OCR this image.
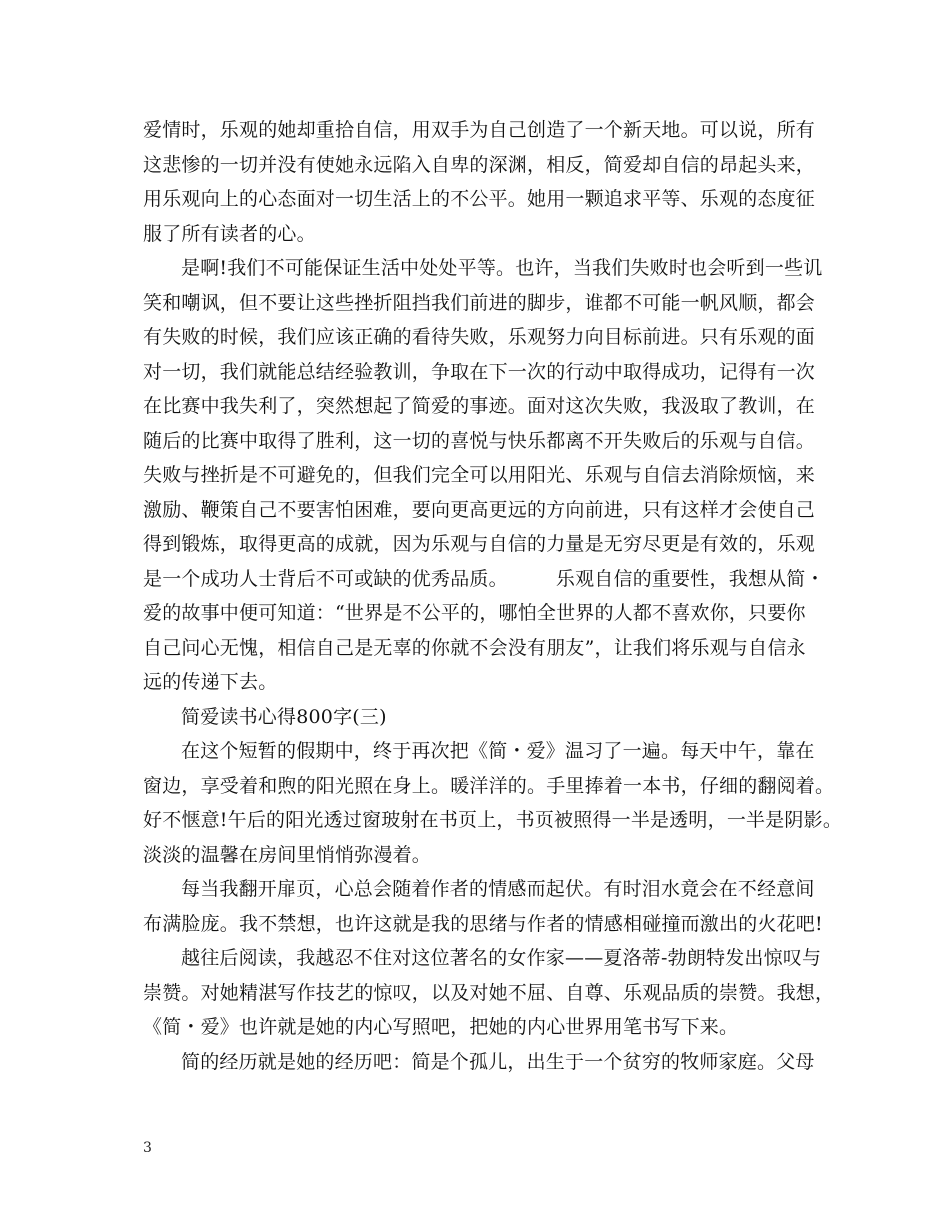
爱情时，乐观的她却重拾自信，用双手为自己创造了一个新天地。可以说，所有
这悲惨的一切并没有使她永远陷入自卑的深渊，相反，简爱却自信的昂起头来，
用乐观向上的心态面对一切生活上的不公平。她用一颗追求平等、乐观的态度征
服了所有读者的心。
是啊!我们不可能保证生活中处处平等。也许，当我们失败时也会听到一些讥
笑和嘲讽，但不要让这些挫折阻挡我们前进的脚步，谁都不可能一帆风顺，都会
有失败的时候，我们应该正确的看待失败，乐观努力向目标前进。只有乐观的面
对一切，我们就能总结经验教训，争取在下一次的行动中取得成功，记得有一次
在比赛中我失利了，突然想起了简爱的事迹。面对这次失败，我汲取了教训，在
随后的比赛中取得了胜利，这一切的喜悦与快乐都离不开失败后的乐观与自信。
失败与挫折是不可避免的，但我们完全可以用阳光、乐观与自信去消除烦恼，来
激励、鞭策自己不要害怕困难，要向更高更远的方向前进，只有这样才会使自己
得到锻炼，取得更高的成就，因为乐观与自信的力量是无穷尽更是有效的，乐观
是一个成功人士背后不可或缺的优秀品质。　　　乐观自信的重要性，我想从简・
爱的故事中便可知道：“世界是不公平的，哪怕全世界的人都不喜欢你，只要你
自己问心无愧，相信自己是无辜的你就不会没有朋友”，让我们将乐观与自信永
远的传递下去。
简爱读书心得800字(三)
在这个短暂的假期中，终于再次把《简・爱》温习了一遍。每天中午，靠在
窗边，享受着和煦的阳光照在身上。暖洋洋的。手里捧着一本书，仔细的翻阅着。
好不惬意!午后的阳光透过窗玻射在书页上，书页被照得一半是透明，一半是阴影。
淡淡的温馨在房间里悄悄弥漫着。
每当我翻开扉页，心总会随着作者的情感而起伏。有时泪水竟会在不经意间
布满脸庞。我不禁想，也许这就是我的思绪与作者的情感相碰撞而激出的火花吧!
越往后阅读，我越忍不住对这位著名的女作家——夏洛蒂-勃朗特发出惊叹与
崇赞。对她精湛写作技艺的惊叹，以及对她不屈、自尊、乐观品质的崇赞。我想，
《简・爱》也许就是她的内心写照吧，把她的内心世界用笔书写下来。
简的经历就是她的经历吧：简是个孤儿，出生于一个贫穷的牧师家庭。父母
3
